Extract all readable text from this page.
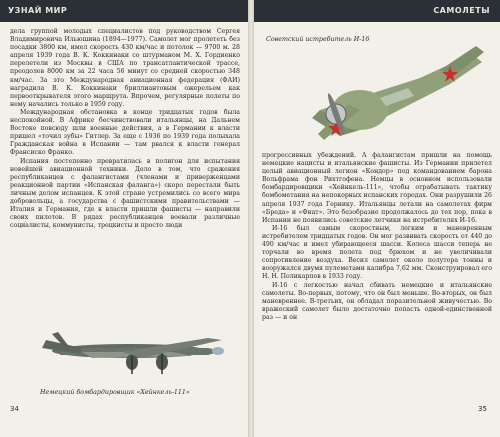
УЗНАЙ МИР	САМОЛЕТЫ

дела группой молодых специалистов под руководством Сергея Владимировича Ильюшина (1894—1977). Самолет мог пролететь без посадки 3800 км, имел скорость 430 км/час и потолок — 9700 м. 28 апреля 1939 года В. К. Коккинаки со штурманом М. Х. Гордиенко перелетели из Москвы в США по трансатлантической трассе, преодолев 8000 км за 22 часа 56 минут со средней скоростью 348 км/час. За это Международная авиационная федерация (ФАИ) наградила В. К. Коккинаки бриллиантовым ожерельем как первооткрывателя этого маршрута. Впрочем, регулярные полеты по нему начались только в 1959 году.

Международная обстановка в конце тридцатых годов была неспокойной. В Африке бесчинствовали итальянцы, на Дальнем Востоке повсюду шли военные действия, а в Германии к власти пришел «точил зубы» Гитлер. За еще с 1936 по 1939 года полыхала Гражданская война в Испании — там рвался к власти генерал Франсиско Франко.

Испания постепенно превратилась в полигон для испытания новейшей авиационной техники. Дело в том, что сражения республиканцев с фалангистами (членами и приверженцами реакционной партии «Испанская фаланга») скоро перестали быть личным делом испанцев. К этой стране устремились со всего мира добровольцы, а государства с фашистскими правительствами — Италия и Германия, где к власти пришли фашисты — направили своих пилотов. В рядах республиканцев воевали различные социалисты, коммунисты, троцкисты и просто люди

Немецкий бомбардировщик «Хейнкель-111»
34
Советский истребитель И-16

прогрессивных убеждений. А фалангистам пришли на помощь немецкие нацисты и итальянские фашисты. Из Германии прилетел целый авиационный легион «Кондор» под командованием барона Вольфрама фон Рихтгофена. Немцы в основном использовали бомбардировщики «Хейнкель-111», чтобы отрабатывать тактику бомбометания на непокорных испанских городах. Они разрушили 26 апреля 1937 года Гернику. Итальянцы летали на самолетах фирм «Бреда» и «Фиат». Это безобразие продолжалось до тех пор, пока в Испании не появились советские летчики на истребителях И-16.

И-16 был самым скоростным, легким и маневренным истребителем тридцатых годов. Он мог развивать скорость от 440 до 490 км/час и имел убирающееся шасси. Колеса шасси теперь не торчали во время полета под брюхом и не увеличивали сопротивление воздуха. Весил самолет около полутора тонны и вооружался двумя пулеметами калибра 7,62 мм. Сконструировал его Н. Н. Поликарпов в 1933 году.

И-16 с легкостью начал сбивать немецкие и итальянские самолеты. Во-первых, потому, что он был меньше. Во-вторых, он был маневреннее. В-третьих, он обладал поразительной живучестью. Во вражеский самолет было достаточно попасть одной-единственной раз — и он

35
